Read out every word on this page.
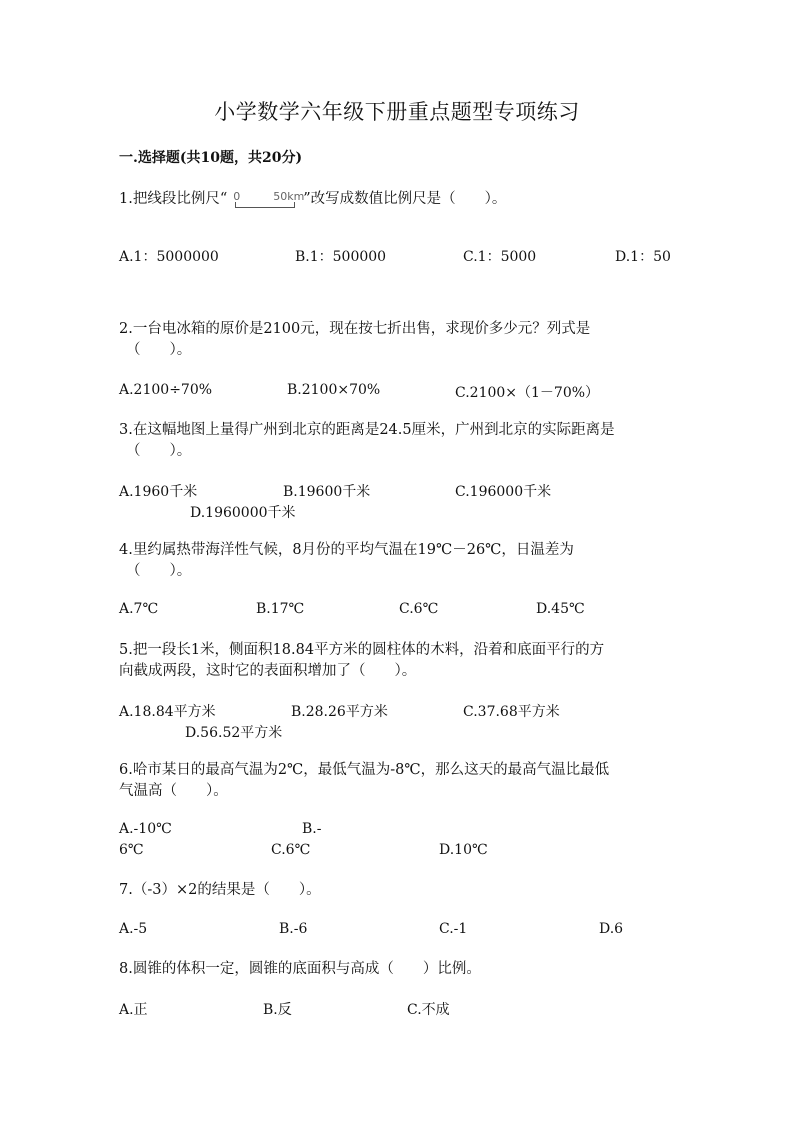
小学数学六年级下册重点题型专项练习
一.选择题(共10题，共20分)
1.把线段比例尺“ 0	50km
”改写成数值比例尺是（　　）。
A.1：5000000	B.1：500000	C.1：5000	D.1：50
2.一台电冰箱的原价是2100元，现在按七折出售，求现价多少元？列式是
（　　）。
A.2100÷70%	B.2100×70%	C.2100×（1－70%）
3.在这幅地图上量得广州到北京的距离是24.5厘米，广州到北京的实际距离是
（　　）。
A.1960千米	B.19600千米	C.196000千米
D.1960000千米
4.里约属热带海洋性气候，8月份的平均气温在19℃－26℃，日温差为
（　　）。
A.7℃	B.17℃	C.6℃	D.45℃
5.把一段长1米，侧面积18.84平方米的圆柱体的木料，沿着和底面平行的方
向截成两段，这时它的表面积增加了（　　）。
A.18.84平方米	B.28.26平方米	C.37.68平方米
D.56.52平方米
6.哈市某日的最高气温为2℃，最低气温为-8℃，那么这天的最高气温比最低
气温高（　　）。
A.-10℃	B.-
6℃	C.6℃	D.10℃
7.（-3）×2的结果是（　　）。
A.-5	B.-6	C.-1	D.6
8.圆锥的体积一定，圆锥的底面积与高成（　　）比例。
A.正	B.反	C.不成
